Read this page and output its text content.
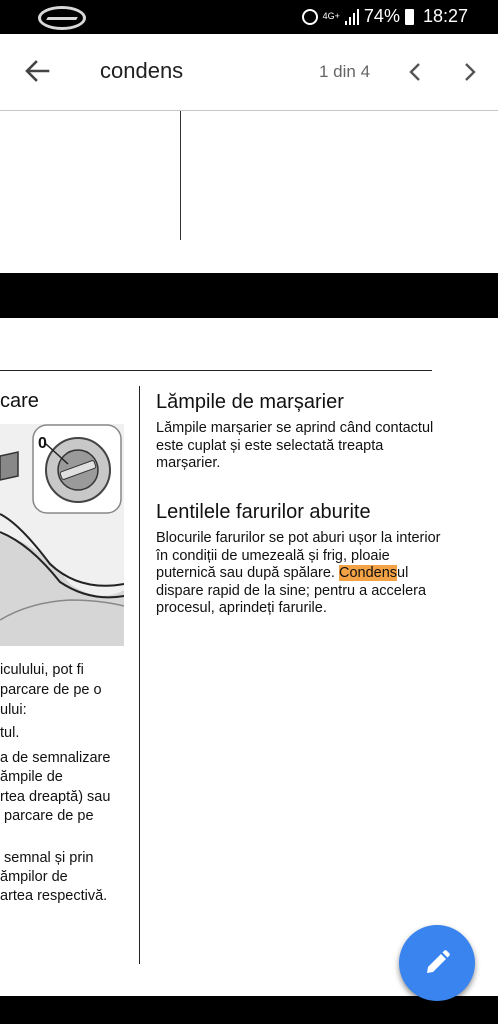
4G+ 74% 18:27
condens	1 din 4
care
0
iculului, pot fi
parcare de pe o
ului:
tul.
a de semnalizare
ămpile de
rtea dreaptă) sau
parcare de pe
semnal și prin
ămpilor de
artea respectivă.
Lămpile de marșarier
Lămpile marșarier se aprind când contactul este cuplat și este selectată treapta marșarier.
Lentilele farurilor aburite
Blocurile farurilor se pot aburi ușor la interior în condiții de umezeală și frig, ploaie puternică sau după spălare. Condensul dispare rapid de la sine; pentru a accelera procesul, aprindeți farurile.
